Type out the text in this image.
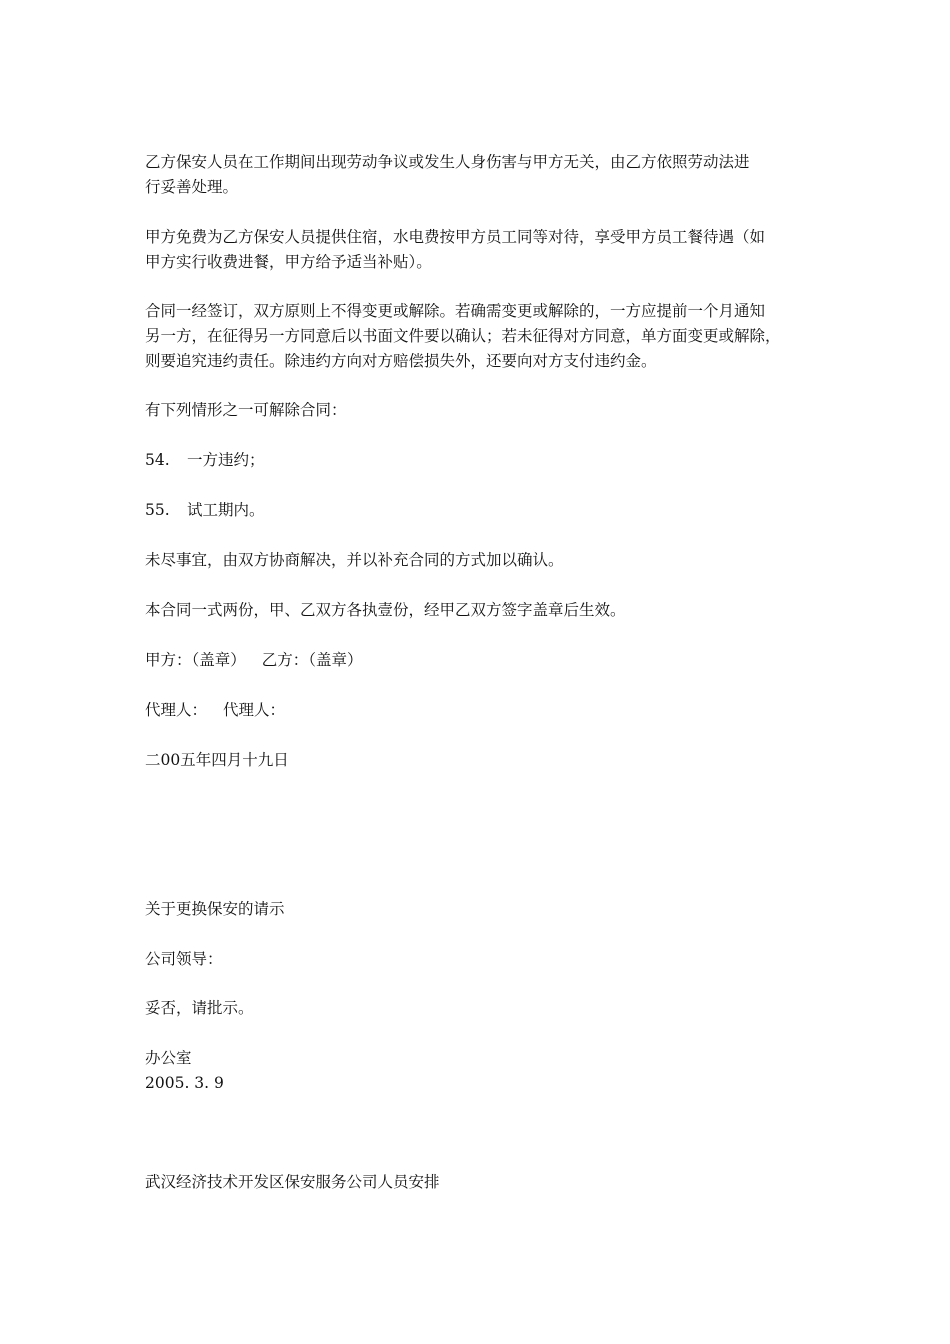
乙方保安人员在工作期间出现劳动争议或发生人身伤害与甲方无关，由乙方依照劳动法进
行妥善处理。

甲方免费为乙方保安人员提供住宿，水电费按甲方员工同等对待，享受甲方员工餐待遇（如
甲方实行收费进餐，甲方给予适当补贴）。

合同一经签订，双方原则上不得变更或解除。若确需变更或解除的，一方应提前一个月通知
另一方，在征得另一方同意后以书面文件要以确认；若未征得对方同意，单方面变更或解除，
则要追究违约责任。除违约方向对方赔偿损失外，还要向对方支付违约金。

有下列情形之一可解除合同：

54. 一方违约；

55. 试工期内。

未尽事宜，由双方协商解决，并以补充合同的方式加以确认。

本合同一式两份，甲、乙双方各执壹份，经甲乙双方签字盖章后生效。

甲方：（盖章） 乙方：（盖章）

代理人： 代理人：

二00五年四月十九日

关于更换保安的请示

公司领导：

妥否，请批示。

办公室
2005. 3. 9

武汉经济技术开发区保安服务公司人员安排
